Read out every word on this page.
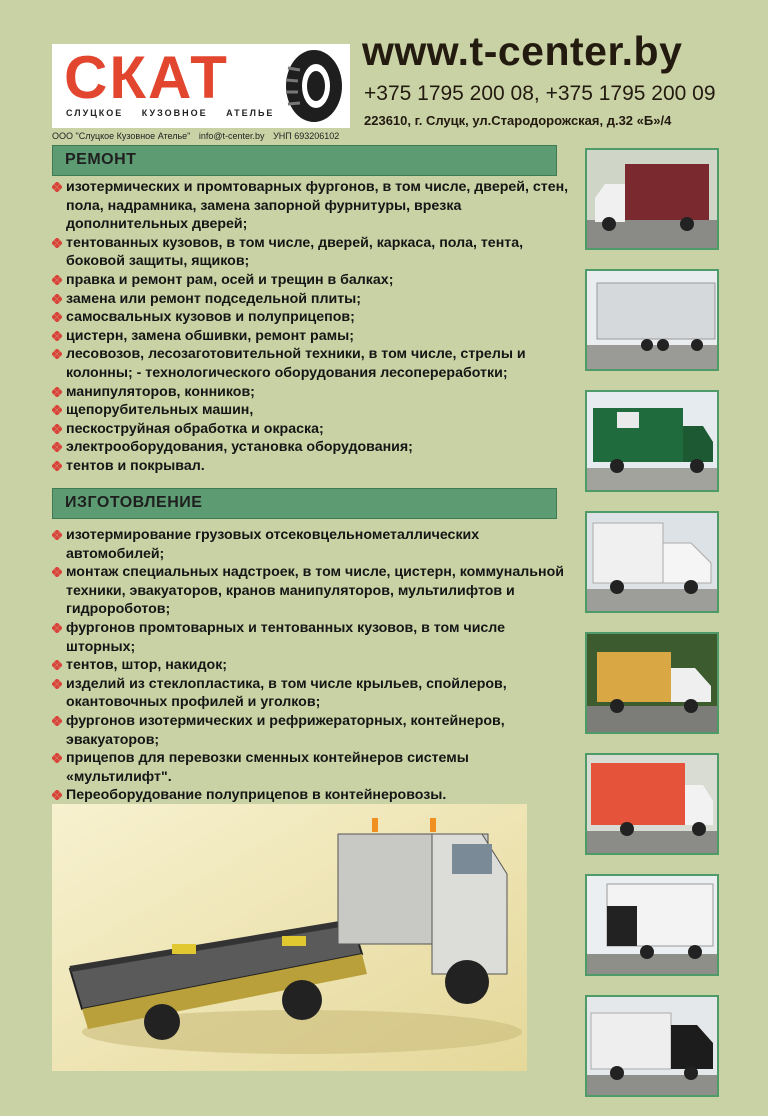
СКАТ
СЛУЦКОЕ КУЗОВНОЕ АТЕЛЬЕ
ООО "Слуцкое Кузовное Ателье" info@t-center.by УНП 693206102
www.t-center.by
+375 1795 200 08, +375 1795 200 09
223610, г. Слуцк, ул.Стародорожская, д.32 «Б»/4
РЕМОНТ
изотермических и промтоварных фургонов, в том числе, дверей, стен, пола, надрамника, замена запорной фурнитуры, врезка дополнительных дверей;
тентованных кузовов, в том числе, дверей, каркаса, пола, тента, боковой защиты, ящиков;
правка и ремонт рам, осей и трещин в балках;
замена или ремонт подседельной плиты;
самосвальных кузовов и полуприцепов;
цистерн, замена обшивки, ремонт рамы;
лесовозов, лесозаготовительной техники, в том числе, стрелы и колонны; - технологического оборудования лесопереработки;
манипуляторов, конников;
щепорубительных машин,
пескоструйная обработка и окраска;
электрооборудования, установка оборудования;
тентов и покрывал.
ИЗГОТОВЛЕНИЕ
изотермирование грузовых отсековцельнометаллических автомобилей;
монтаж специальных надстроек, в том числе, цистерн, коммунальной техники, эвакуаторов, кранов манипуляторов, мультилифтов и гидророботов;
фургонов промтоварных и тентованных кузовов, в том числе шторных;
тентов, штор, накидок;
изделий из стеклопластика, в том числе крыльев, спойлеров, окантовочных профилей и уголков;
фургонов изотермических и рефрижераторных, контейнеров, эвакуаторов;
прицепов для перевозки сменных контейнеров системы «мультилифт".
Переоборудование полуприцепов в контейнеровозы.
